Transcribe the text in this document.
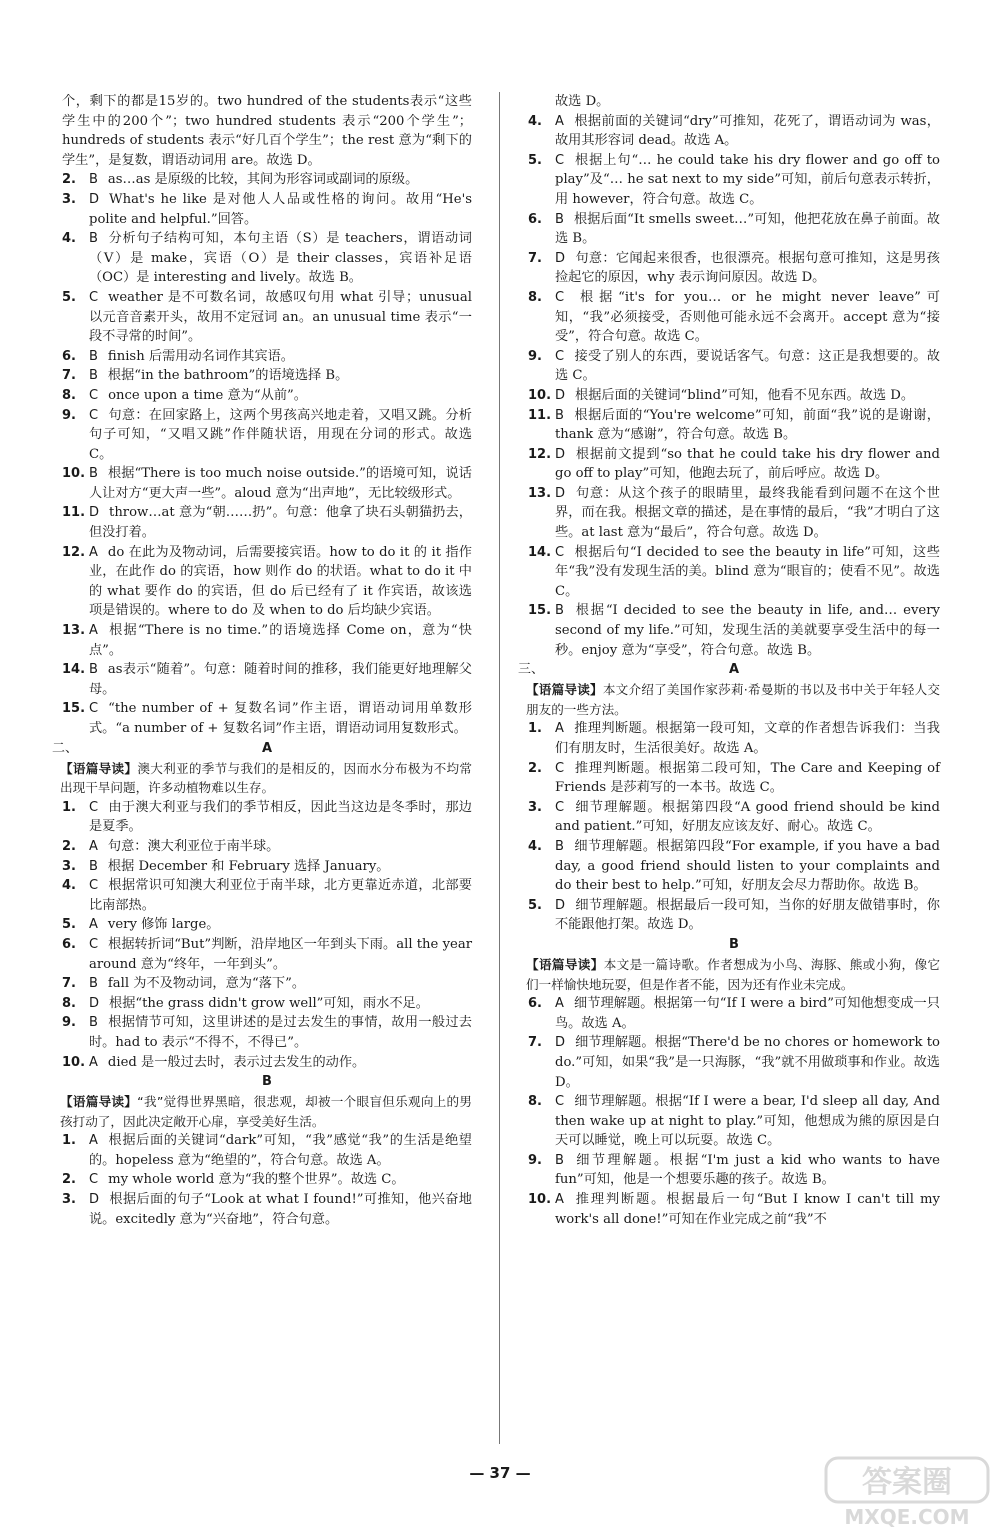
个，剩下的都是15岁的。two hundred of the students表示“这些学生中的200个”；two hundred students 表示“200个学生”；hundreds of students 表示“好几百个学生”；the rest 意为“剩下的学生”，是复数，谓语动词用 are。故选 D。

2. B as…as 是原级的比较，其间为形容词或副词的原级。

3. D What's he like 是对他人人品或性格的询问。故用“He's polite and helpful.”回答。

4. B 分析句子结构可知，本句主语（S）是 teachers，谓语动词（V）是 make，宾语（O）是 their classes，宾语补足语（OC）是 interesting and lively。故选 B。

5. C weather 是不可数名词，故感叹句用 what 引导；unusual 以元音音素开头，故用不定冠词 an。an unusual time 表示“一段不寻常的时间”。

6. B finish 后需用动名词作其宾语。

7. B 根据“in the bathroom”的语境选择 B。

8. C once upon a time 意为“从前”。

9. C 句意：在回家路上，这两个男孩高兴地走着，又唱又跳。分析句子可知，“又唱又跳”作伴随状语，用现在分词的形式。故选 C。

10. B 根据“There is too much noise outside.”的语境可知，说话人让对方“更大声一些”。aloud 意为“出声地”，无比较级形式。

11. D throw…at 意为“朝……扔”。句意：他拿了块石头朝猫扔去，但没打着。

12. A do 在此为及物动词，后需要接宾语。how to do it 的 it 指作业，在此作 do 的宾语，how 则作 do 的状语。what to do it 中的 what 要作 do 的宾语，但 do 后已经有了 it 作宾语，故该选项是错误的。where to do 及 when to do 后均缺少宾语。

13. A 根据“There is no time.”的语境选择 Come on，意为“快点”。

14. B as表示“随着”。句意：随着时间的推移，我们能更好地理解父母。

15. C “the number of + 复数名词”作主语，谓语动词用单数形式。“a number of + 复数名词”作主语，谓语动词用复数形式。

二、	A

【语篇导读】澳大利亚的季节与我们的是相反的，因而水分布极为不均常出现干旱问题，许多动植物难以生存。

1. C 由于澳大利亚与我们的季节相反，因此当这边是冬季时，那边是夏季。

2. A 句意：澳大利亚位于南半球。

3. B 根据 December 和 February 选择 January。

4. C 根据常识可知澳大利亚位于南半球，北方更靠近赤道，北部要比南部热。

5. A very 修饰 large。

6. C 根据转折词“But”判断，沿岸地区一年到头下雨。all the year around 意为“终年，一年到头”。

7. B fall 为不及物动词，意为“落下”。

8. D 根据“the grass didn't grow well”可知，雨水不足。

9. B 根据情节可知，这里讲述的是过去发生的事情，故用一般过去时。had to 表示“不得不，不得已”。

10. A died 是一般过去时，表示过去发生的动作。

B

【语篇导读】“我”觉得世界黑暗，很悲观，却被一个眼盲但乐观向上的男孩打动了，因此决定敞开心扉，享受美好生活。

1. A 根据后面的关键词“dark”可知，“我”感觉“我”的生活是绝望的。hopeless 意为“绝望的”，符合句意。故选 A。

2. C my whole world 意为“我的整个世界”。故选 C。

3. D 根据后面的句子“Look at what I found!”可推知，他兴奋地说。excitedly 意为“兴奋地”，符合句意。

故选 D。

4. A 根据前面的关键词“dry”可推知，花死了，谓语动词为 was，故用其形容词 dead。故选 A。

5. C 根据上句“… he could take his dry flower and go off to play”及“… he sat next to my side”可知，前后句意表示转折，用 however，符合句意。故选 C。

6. B 根据后面“It smells sweet…”可知，他把花放在鼻子前面。故选 B。

7. D 句意：它闻起来很香，也很漂亮。根据句意可推知，这是男孩捡起它的原因，why 表示询问原因。故选 D。

8. C 根据“it's for you… or he might never leave”可知，“我”必须接受，否则他可能永远不会离开。accept 意为“接受”，符合句意。故选 C。

9. C 接受了别人的东西，要说话客气。句意：这正是我想要的。故选 C。

10. D 根据后面的关键词“blind”可知，他看不见东西。故选 D。

11. B 根据后面的“You're welcome”可知，前面“我”说的是谢谢，thank 意为“感谢”，符合句意。故选 B。

12. D 根据前文提到“so that he could take his dry flower and go off to play”可知，他跑去玩了，前后呼应。故选 D。

13. D 句意：从这个孩子的眼睛里，最终我能看到问题不在这个世界，而在我。根据文章的描述，是在事情的最后，“我”才明白了这些。at last 意为“最后”，符合句意。故选 D。

14. C 根据后句“I decided to see the beauty in life”可知，这些年“我”没有发现生活的美。blind 意为“眼盲的；使看不见”。故选 C。

15. B 根据“I decided to see the beauty in life, and… every second of my life.”可知，发现生活的美就要享受生活中的每一秒。enjoy 意为“享受”，符合句意。故选 B。

三、	A

【语篇导读】本文介绍了美国作家莎莉·希曼斯的书以及书中关于年轻人交朋友的一些方法。

1. A 推理判断题。根据第一段可知，文章的作者想告诉我们：当我们有朋友时，生活很美好。故选 A。

2. C 推理判断题。根据第二段可知，The Care and Keeping of Friends 是莎莉写的一本书。故选 C。

3. C 细节理解题。根据第四段“A good friend should be kind and patient.”可知，好朋友应该友好、耐心。故选 C。

4. B 细节理解题。根据第四段“For example, if you have a bad day, a good friend should listen to your complaints and do their best to help.”可知，好朋友会尽力帮助你。故选 B。

5. D 细节理解题。根据最后一段可知，当你的好朋友做错事时，你不能跟他打架。故选 D。

B

【语篇导读】本文是一篇诗歌。作者想成为小鸟、海豚、熊或小狗，像它们一样愉快地玩耍，但是作者不能，因为还有作业未完成。

6. A 细节理解题。根据第一句“If I were a bird”可知他想变成一只鸟。故选 A。

7. D 细节理解题。根据“There'd be no chores or homework to do.”可知，如果“我”是一只海豚，“我”就不用做琐事和作业。故选 D。

8. C 细节理解题。根据“If I were a bear, I'd sleep all day, And then wake up at night to play.”可知，他想成为熊的原因是白天可以睡觉，晚上可以玩耍。故选 C。

9. B 细节理解题。根据“I'm just a kid who wants to have fun”可知，他是一个想要乐趣的孩子。故选 B。

10. A 推理判断题。根据最后一句“But I know I can't till my work's all done!”可知在作业完成之前“我”不

— 37 —	答案圈
MXQE.COM
